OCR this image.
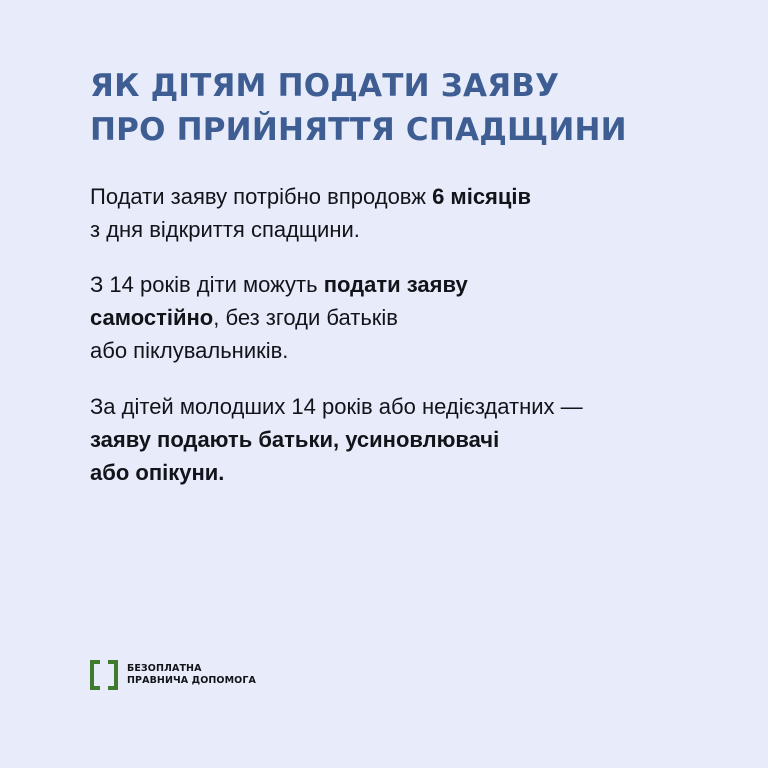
ЯК ДІТЯМ ПОДАТИ ЗАЯВУ
ПРО ПРИЙНЯТТЯ СПАДЩИНИ

Подати заяву потрібно впродовж 6 місяців
з дня відкриття спадщини.

З 14 років діти можуть подати заяву
самостійно, без згоди батьків
або піклувальників.

За дітей молодших 14 років або недієздатних —
заяву подають батьки, усиновлювачі
або опікуни.

БЕЗОПЛАТНА
ПРАВНИЧА ДОПОМОГА
